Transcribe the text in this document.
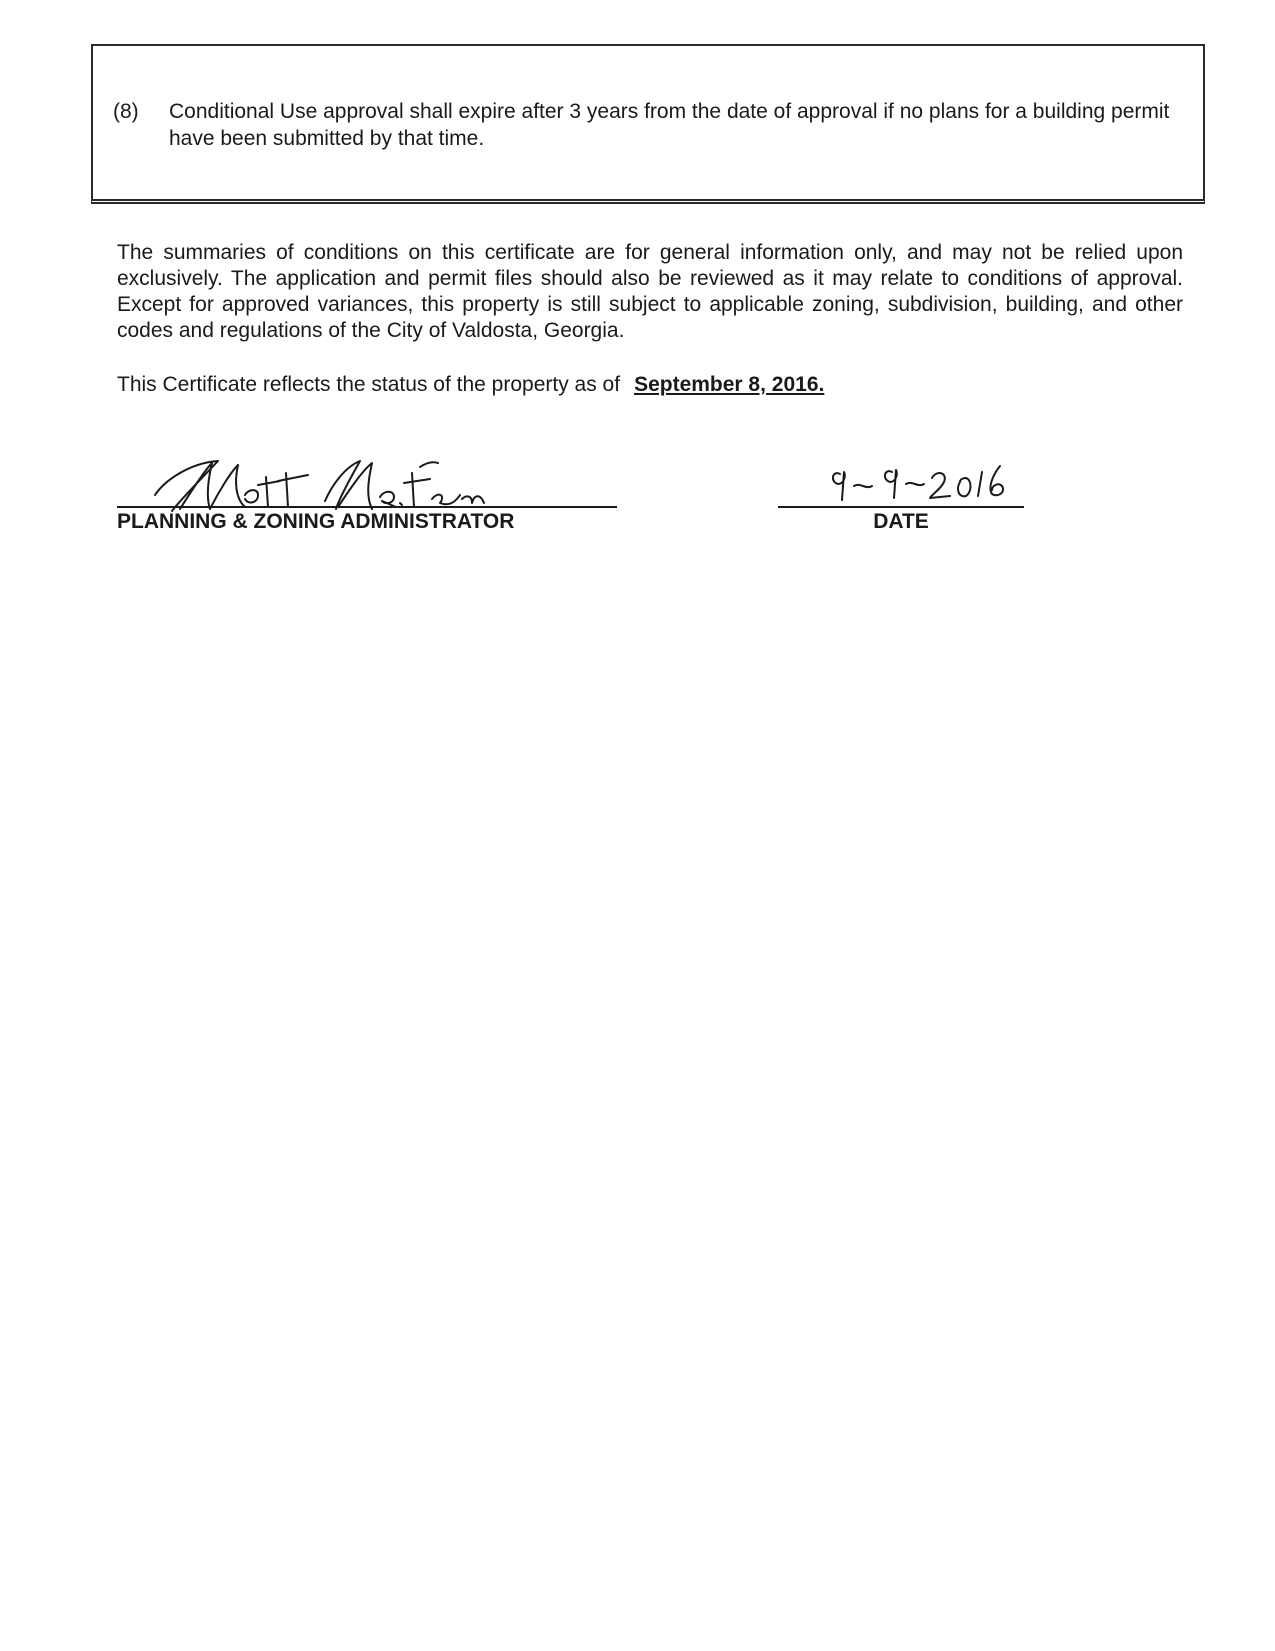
(8)	Conditional Use approval shall expire after 3 years from the date of approval if no plans for a building permit have been submitted by that time.

The summaries of conditions on this certificate are for general information only, and may not be relied upon exclusively. The application and permit files should also be reviewed as it may relate to conditions of approval. Except for approved variances, this property is still subject to applicable zoning, subdivision, building, and other codes and regulations of the City of Valdosta, Georgia.

This Certificate reflects the status of the property as of September 8, 2016.

PLANNING & ZONING ADMINISTRATOR	DATE
